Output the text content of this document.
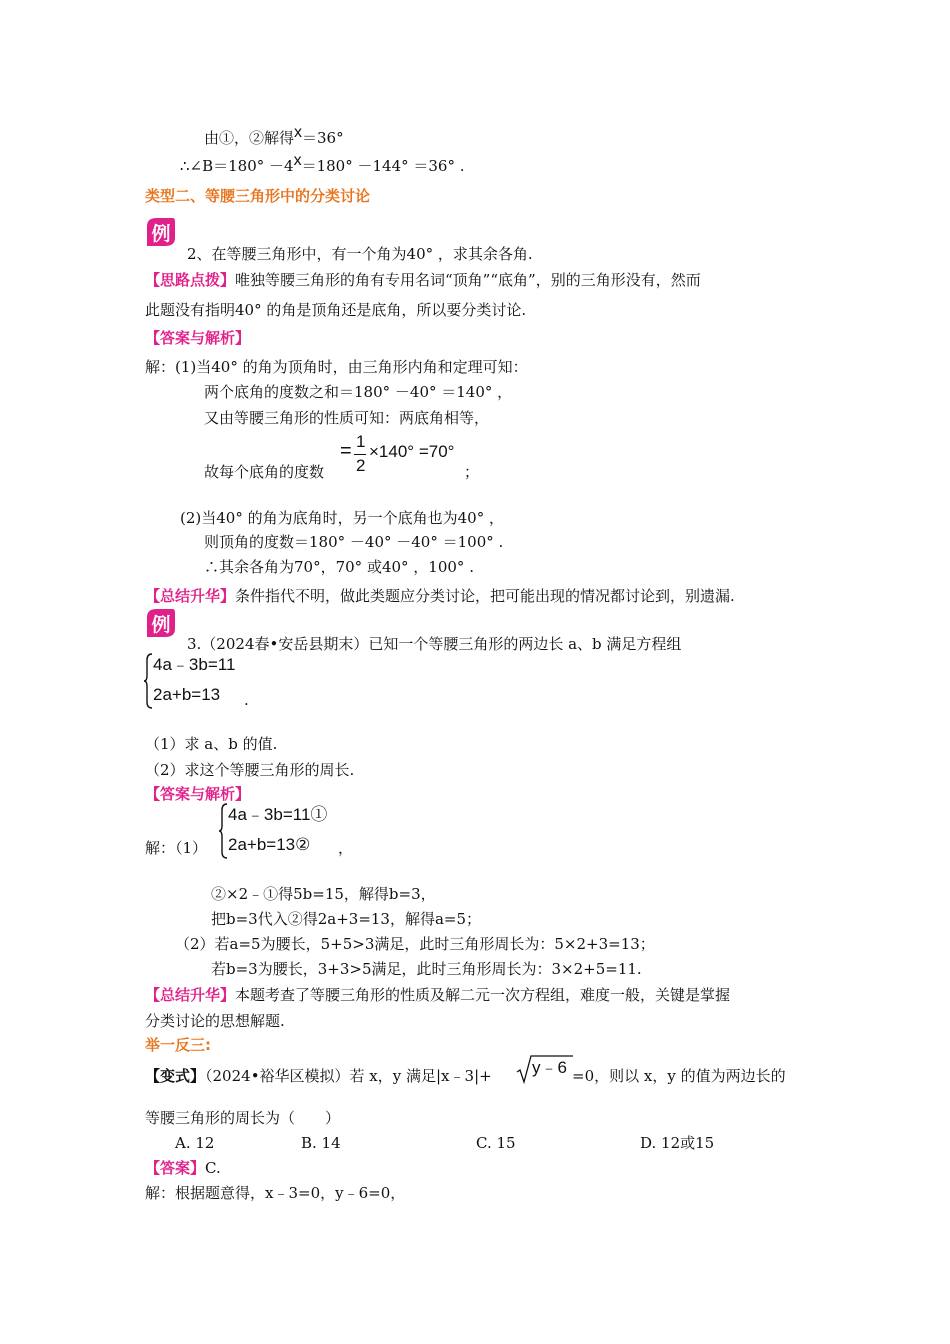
由①，②解得x＝36°
∴∠B＝180° －4x＝180° －144° ＝36° .
类型二、等腰三角形中的分类讨论
例
2、在等腰三角形中，有一个角为40° ，求其余各角.
【思路点拨】唯独等腰三角形的角有专用名词“顶角”“底角”，别的三角形没有，然而
此题没有指明40° 的角是顶角还是底角，所以要分类讨论.
【答案与解析】
解：(1)当40° 的角为顶角时，由三角形内角和定理可知：
两个底角的度数之和＝180° －40° ＝140° ，
又由等腰三角形的性质可知：两底角相等，
故每个底角的度数
= 1
2
×140° =70°
；
(2)当40° 的角为底角时，另一个底角也为40° ，
则顶角的度数＝180° －40° －40° ＝100° .
∴其余各角为70°，70° 或40° ，100° .
【总结升华】条件指代不明，做此类题应分类讨论，把可能出现的情况都讨论到，别遗漏.
例
3.（2024春•安岳县期末）已知一个等腰三角形的两边长 a、b 满足方程组
4a﹣3b=11
2a+b=13 .
（1）求 a、b 的值.
（2）求这个等腰三角形的周长.
【答案与解析】
解：（1）
4a﹣3b=11①
2a+b=13② ，
②×2﹣①得5b=15，解得b=3，
把b=3代入②得2a+3=13，解得a=5；
（2）若a=5为腰长，5+5>3满足，此时三角形周长为：5×2+3=13；
若b=3为腰长，3+3>5满足，此时三角形周长为：3×2+5=11.
【总结升华】本题考查了等腰三角形的性质及解二元一次方程组，难度一般，关键是掌握
分类讨论的思想解题.
举一反三:
【变式】（2024•裕华区模拟）若 x，y 满足|x﹣3|+ y﹣6 =0，则以 x，y 的值为两边长的
等腰三角形的周长为（　　）
A. 12	B. 14	C. 15	D. 12或15
【答案】C.
解：根据题意得，x﹣3=0，y﹣6=0，
